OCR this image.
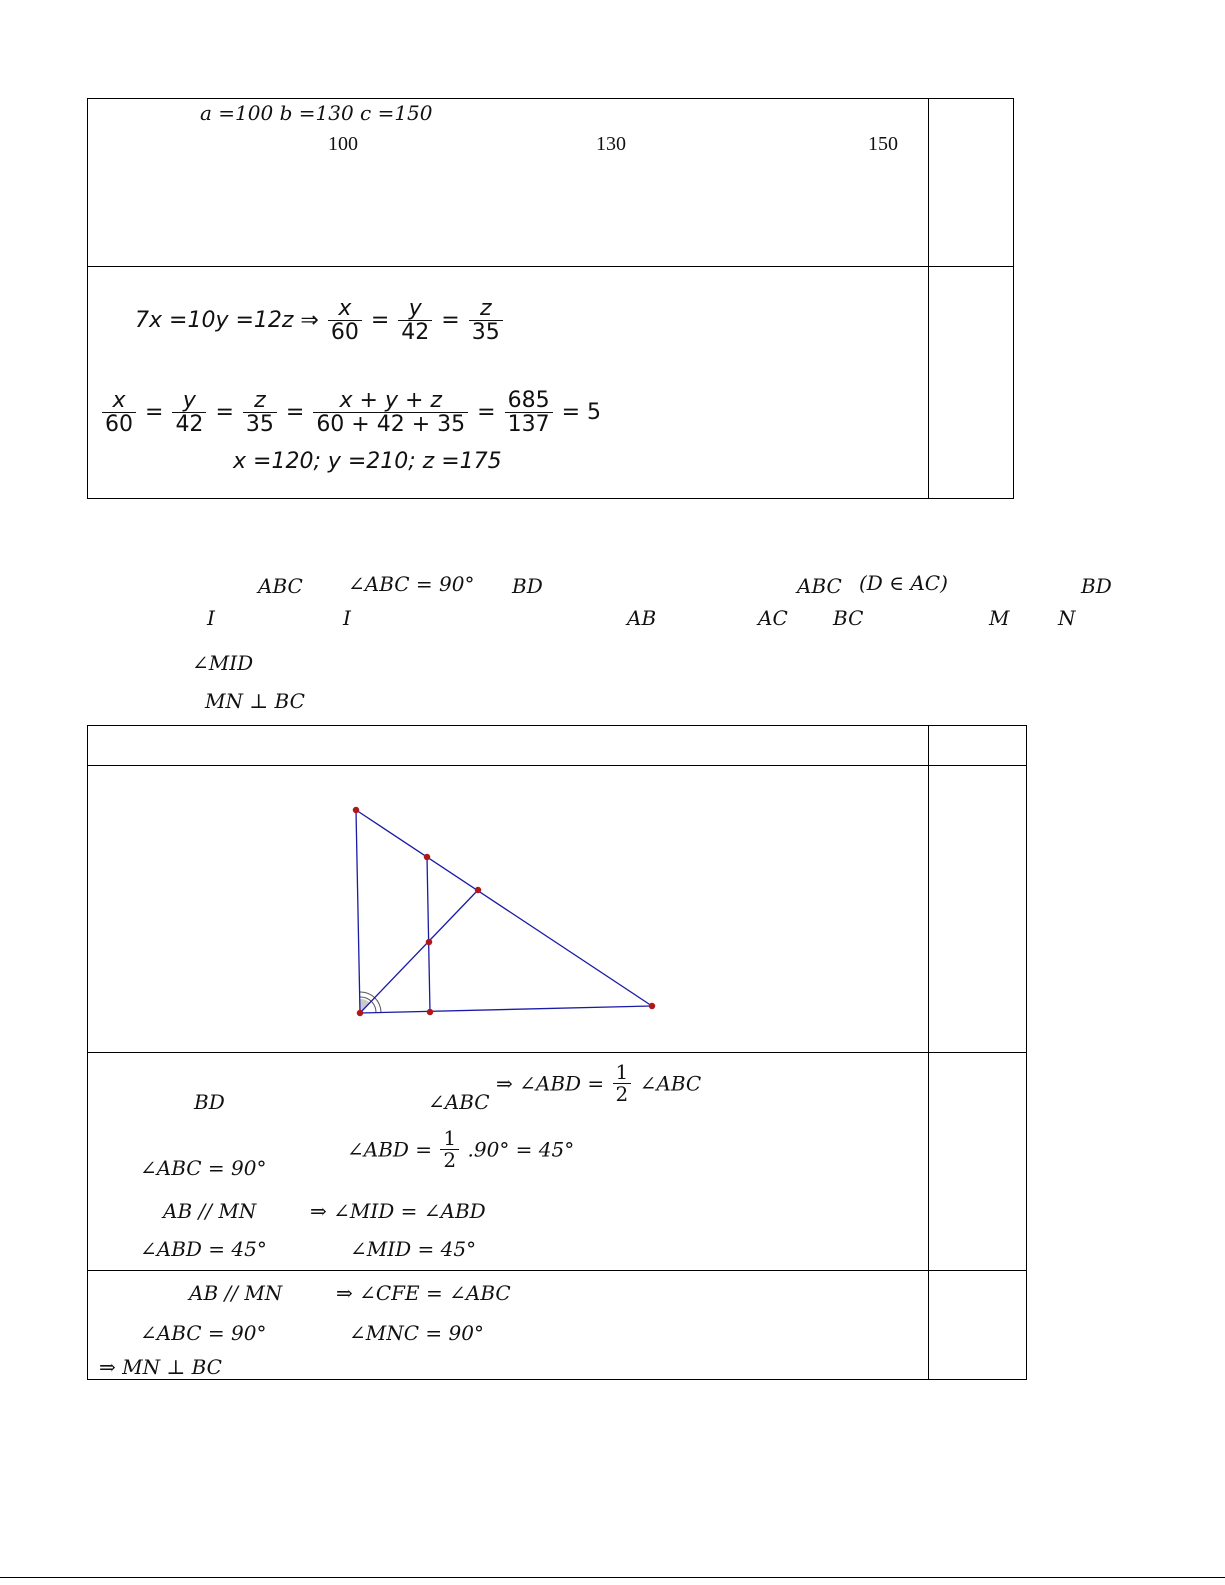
a =100 b =130 c =150
100	130	150
7x =10y =12z ⇒ $\frac{x}{60} = \frac{y}{42} = \frac{z}{35}$
$\frac{x}{60} = \frac{y}{42} = \frac{z}{35} = \frac{x + y + z}{60 + 42 + 35} = \frac{685}{137} = 5$
x =120; y =210; z =175
ABC ∠ABC = 90° BD	ABC (D ∈ AC)	BD
I	I	AB	AC BC	M N
∠MID
MN ⊥ BC
BD	∠ABC
⇒ ∠ABD = $\frac{1}{2}$ ∠ABC
∠ABC = 90°
∠ABD = $\frac{1}{2} .90^\circ = 45^\circ$
AB // MN	⇒ ∠MID = ∠ABD
∠ABD = 45°	∠MID = 45°
AB // MN	⇒ ∠CFE = ∠ABC
∠ABC = 90°	∠MNC = 90°
⇒ MN ⊥ BC
